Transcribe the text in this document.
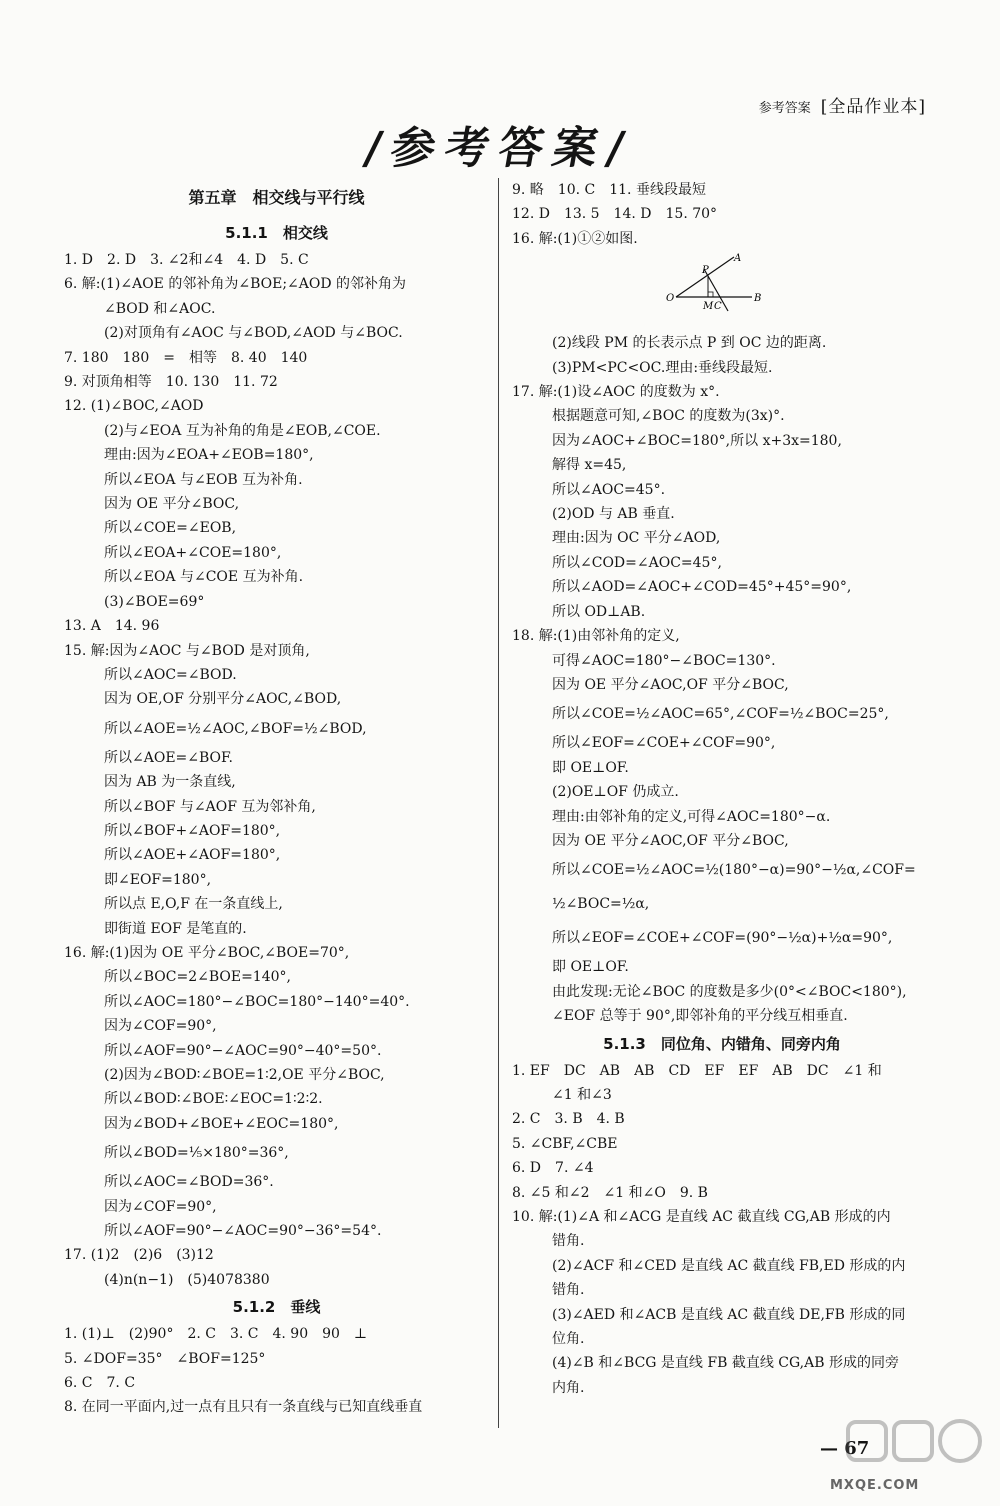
参考答案 [全品作业本]
/参考答案/
第五章　相交线与平行线
5.1.1　相交线
1. D　2. D　3. ∠2和∠4　4. D　5. C
6. 解:(1)∠AOE 的邻补角为∠BOE;∠AOD 的邻补角为
∠BOD 和∠AOC.
(2)对顶角有∠AOC 与∠BOD,∠AOD 与∠BOC.
7. 180　180　=　相等　8. 40　140
9. 对顶角相等　10. 130　11. 72
12. (1)∠BOC,∠AOD
(2)与∠EOA 互为补角的角是∠EOB,∠COE.
理由:因为∠EOA+∠EOB=180°,
所以∠EOA 与∠EOB 互为补角.
因为 OE 平分∠BOC,
所以∠COE=∠EOB,
所以∠EOA+∠COE=180°,
所以∠EOA 与∠COE 互为补角.
(3)∠BOE=69°
13. A　14. 96
15. 解:因为∠AOC 与∠BOD 是对顶角,
所以∠AOC=∠BOD.
因为 OE,OF 分别平分∠AOC,∠BOD,
所以∠AOE=½∠AOC,∠BOF=½∠BOD,
所以∠AOE=∠BOF.
因为 AB 为一条直线,
所以∠BOF 与∠AOF 互为邻补角,
所以∠BOF+∠AOF=180°,
所以∠AOE+∠AOF=180°,
即∠EOF=180°,
所以点 E,O,F 在一条直线上,
即街道 EOF 是笔直的.
16. 解:(1)因为 OE 平分∠BOC,∠BOE=70°,
所以∠BOC=2∠BOE=140°,
所以∠AOC=180°−∠BOC=180°−140°=40°.
因为∠COF=90°,
所以∠AOF=90°−∠AOC=90°−40°=50°.
(2)因为∠BOD∶∠BOE=1∶2,OE 平分∠BOC,
所以∠BOD∶∠BOE∶∠EOC=1∶2∶2.
因为∠BOD+∠BOE+∠EOC=180°,
所以∠BOD=⅕×180°=36°,
所以∠AOC=∠BOD=36°.
因为∠COF=90°,
所以∠AOF=90°−∠AOC=90°−36°=54°.
17. (1)2　(2)6　(3)12
(4)n(n−1)　(5)4078380
5.1.2　垂线
1. (1)⊥　(2)90°　2. C　3. C　4. 90　90　⊥
5. ∠DOF=35°　∠BOF=125°
6. C　7. C
8. 在同一平面内,过一点有且只有一条直线与已知直线垂直
9. 略　10. C　11. 垂线段最短
12. D　13. 5　14. D　15. 70°
16. 解:(1)①②如图.
A
P
O
M C
B
(2)线段 PM 的长表示点 P 到 OC 边的距离.
(3)PM<PC<OC.理由:垂线段最短.
17. 解:(1)设∠AOC 的度数为 x°.
根据题意可知,∠BOC 的度数为(3x)°.
因为∠AOC+∠BOC=180°,所以 x+3x=180,
解得 x=45,
所以∠AOC=45°.
(2)OD 与 AB 垂直.
理由:因为 OC 平分∠AOD,
所以∠COD=∠AOC=45°,
所以∠AOD=∠AOC+∠COD=45°+45°=90°,
所以 OD⊥AB.
18. 解:(1)由邻补角的定义,
可得∠AOC=180°−∠BOC=130°.
因为 OE 平分∠AOC,OF 平分∠BOC,
所以∠COE=½∠AOC=65°,∠COF=½∠BOC=25°,
所以∠EOF=∠COE+∠COF=90°,
即 OE⊥OF.
(2)OE⊥OF 仍成立.
理由:由邻补角的定义,可得∠AOC=180°−α.
因为 OE 平分∠AOC,OF 平分∠BOC,
所以∠COE=½∠AOC=½(180°−α)=90°−½α,∠COF=
½∠BOC=½α,
所以∠EOF=∠COE+∠COF=(90°−½α)+½α=90°,
即 OE⊥OF.
由此发现:无论∠BOC 的度数是多少(0°<∠BOC<180°),
∠EOF 总等于 90°,即邻补角的平分线互相垂直.
5.1.3　同位角、内错角、同旁内角
1. EF　DC　AB　AB　CD　EF　EF　AB　DC　∠1 和
∠1 和∠3
2. C　3. B　4. B
5. ∠CBF,∠CBE
6. D　7. ∠4
8. ∠5 和∠2　∠1 和∠O　9. B
10. 解:(1)∠A 和∠ACG 是直线 AC 截直线 CG,AB 形成的内
错角.
(2)∠ACF 和∠CED 是直线 AC 截直线 FB,ED 形成的内
错角.
(3)∠AED 和∠ACB 是直线 AC 截直线 DE,FB 形成的同
位角.
(4)∠B 和∠BCG 是直线 FB 截直线 CG,AB 形成的同旁
内角.
— 67
MXQE.COM
